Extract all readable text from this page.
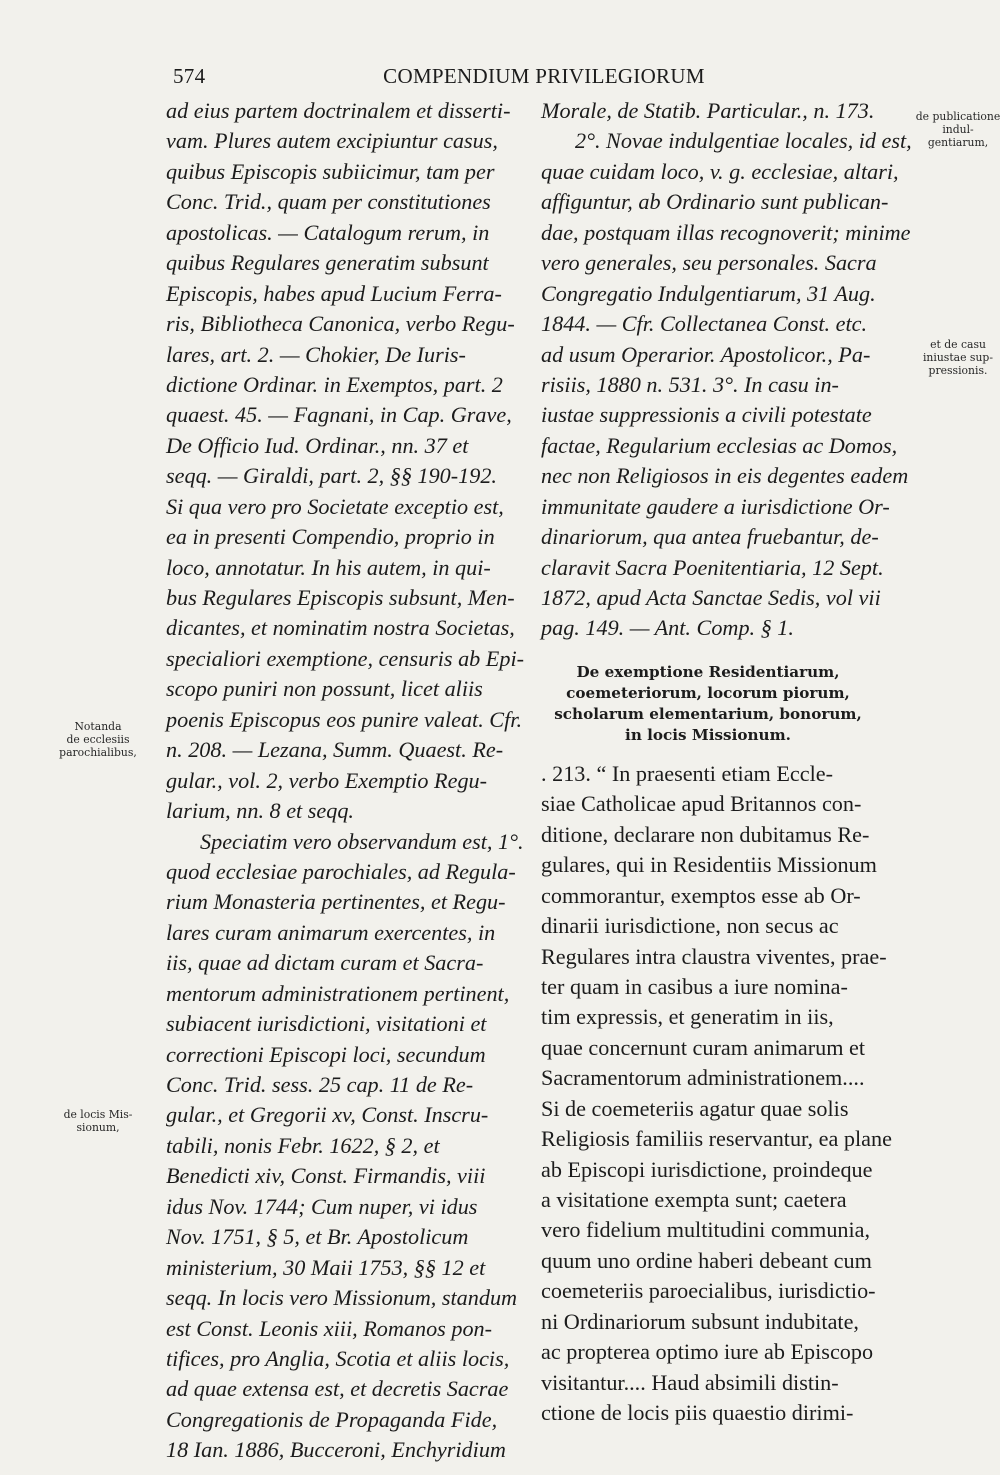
574	COMPENDIUM PRIVILEGIORUM
ad eius partem doctrinalem et disserti-
vam. Plures autem excipiuntur casus,
quibus Episcopis subiicimur, tam per
Conc. Trid., quam per constitutiones
apostolicas. — Catalogum rerum, in
quibus Regulares generatim subsunt
Episcopis, habes apud Lucium Ferra-
ris, Bibliotheca Canonica, verbo Regu-
lares, art. 2. — Chokier, De Iuris-
dictione Ordinar. in Exemptos, part. 2
quaest. 45. — Fagnani, in Cap. Grave,
De Officio Iud. Ordinar., nn. 37 et
seqq. — Giraldi, part. 2, §§ 190-192.
Si qua vero pro Societate exceptio est,
ea in presenti Compendio, proprio in
loco, annotatur. In his autem, in qui-
bus Regulares Episcopis subsunt, Men-
dicantes, et nominatim nostra Societas,
specialiori exemptione, censuris ab Epi-
scopo puniri non possunt, licet aliis
poenis Episcopus eos punire valeat. Cfr.
n. 208. — Lezana, Summ. Quaest. Re-
gular., vol. 2, verbo Exemptio Regu-
larium, nn. 8 et seqq.
Speciatim vero observandum est, 1°.
quod ecclesiae parochiales, ad Regula-
rium Monasteria pertinentes, et Regu-
lares curam animarum exercentes, in
iis, quae ad dictam curam et Sacra-
mentorum administrationem pertinent,
subiacent iurisdictioni, visitationi et
correctioni Episcopi loci, secundum
Conc. Trid. sess. 25 cap. 11 de Re-
gular., et Gregorii xv, Const. Inscru-
tabili, nonis Febr. 1622, § 2, et
Benedicti xiv, Const. Firmandis, viii
idus Nov. 1744; Cum nuper, vi idus
Nov. 1751, § 5, et Br. Apostolicum
ministerium, 30 Maii 1753, §§ 12 et
seqq. In locis vero Missionum, standum
est Const. Leonis xiii, Romanos pon-
tifices, pro Anglia, Scotia et aliis locis,
ad quae extensa est, et decretis Sacrae
Congregationis de Propaganda Fide,
18 Ian. 1886, Bucceroni, Enchyridium
Morale, de Statib. Particular., n. 173.
2°. Novae indulgentiae locales, id est,
quae cuidam loco, v. g. ecclesiae, altari,
affiguntur, ab Ordinario sunt publican-
dae, postquam illas recognoverit; minime
vero generales, seu personales. Sacra
Congregatio Indulgentiarum, 31 Aug.
1844. — Cfr. Collectanea Const. etc.
ad usum Operarior. Apostolicor., Pa-
risiis, 1880 n. 531. 3°. In casu in-
iustae suppressionis a civili potestate
factae, Regularium ecclesias ac Domos,
nec non Religiosos in eis degentes eadem
immunitate gaudere a iurisdictione Or-
dinariorum, qua antea fruebantur, de-
claravit Sacra Poenitentiaria, 12 Sept.
1872, apud Acta Sanctae Sedis, vol vii
pag. 149. — Ant. Comp. § 1.
De exemptione Residentiarum,
coemeteriorum, locorum piorum,
scholarum elementarium, bonorum,
in locis Missionum.
. 213. “ In praesenti etiam Eccle-
siae Catholicae apud Britannos con-
ditione, declarare non dubitamus Re-
gulares, qui in Residentiis Missionum
commorantur, exemptos esse ab Or-
dinarii iurisdictione, non secus ac
Regulares intra claustra viventes, prae-
ter quam in casibus a iure nomina-
tim expressis, et generatim in iis,
quae concernunt curam animarum et
Sacramentorum administrationem....
Si de coemeteriis agatur quae solis
Religiosis familiis reservantur, ea plane
ab Episcopi iurisdictione, proindeque
a visitatione exempta sunt; caetera
vero fidelium multitudini communia,
quum uno ordine haberi debeant cum
coemeteriis paroecialibus, iurisdictio-
ni Ordinariorum subsunt indubitate,
ac propterea optimo iure ab Episcopo
visitantur.... Haud absimili distin-
ctione de locis piis quaestio dirimi-
Notanda
de ecclesiis
parochialibus,
de locis Mis-
sionum,
de publicatione
indul-
gentiarum,
et de casu
iniustae sup-
pressionis.
